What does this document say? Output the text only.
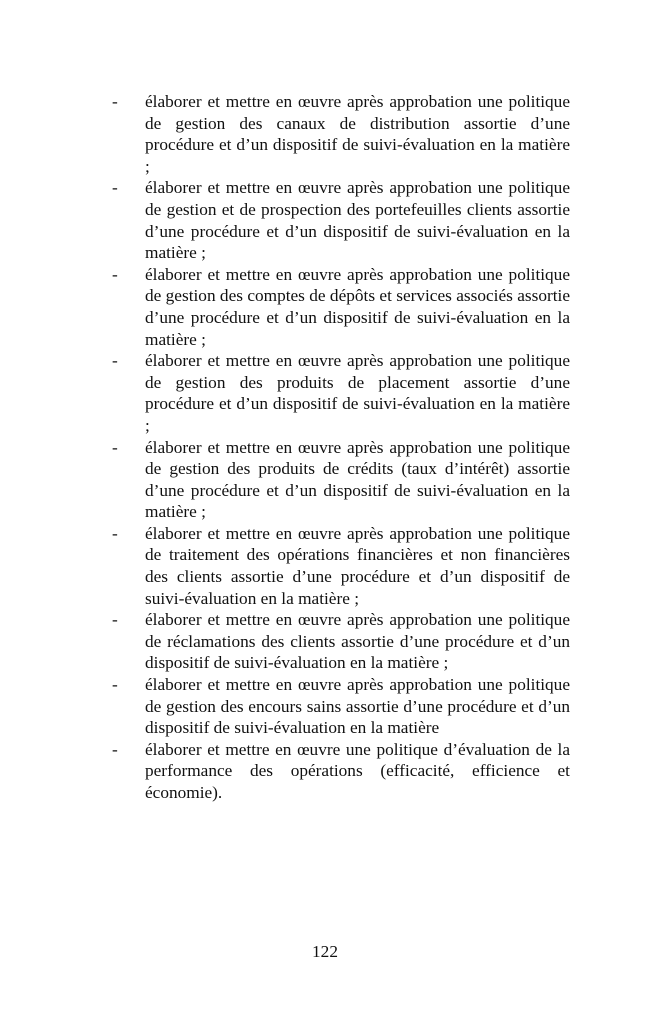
-	élaborer et mettre en œuvre après approbation une politique de gestion des canaux de distribution assortie d’une procédure et d’un dispositif de suivi-évaluation en la matière ;
-	élaborer et mettre en œuvre après approbation une politique de gestion et de prospection des portefeuilles clients assortie d’une procédure et d’un dispositif de suivi-évaluation en la matière ;
-	élaborer et mettre en œuvre après approbation une politique de gestion des comptes de dépôts et services associés assortie d’une procédure et d’un dispositif de suivi-évaluation en la matière ;
-	élaborer et mettre en œuvre après approbation une politique de gestion des produits de placement assortie d’une procédure et d’un dispositif de suivi-évaluation en la matière ;
-	élaborer et mettre en œuvre après approbation une politique de gestion des produits de crédits (taux d’intérêt) assortie d’une procédure et d’un dispositif de suivi-évaluation en la matière ;
-	élaborer et mettre en œuvre après approbation une politique de traitement des opérations financières et non financières des clients assortie d’une procédure et d’un dispositif de suivi-évaluation en la matière ;
-	élaborer et mettre en œuvre après approbation une politique de réclamations des clients assortie d’une procédure et d’un dispositif de suivi-évaluation en la matière ;
-	élaborer et mettre en œuvre après approbation une politique de gestion des encours sains assortie d’une procédure et d’un dispositif de suivi-évaluation en la matière
-	élaborer et mettre en œuvre une politique d’évaluation de la performance des opérations (efficacité, efficience et économie).
122
